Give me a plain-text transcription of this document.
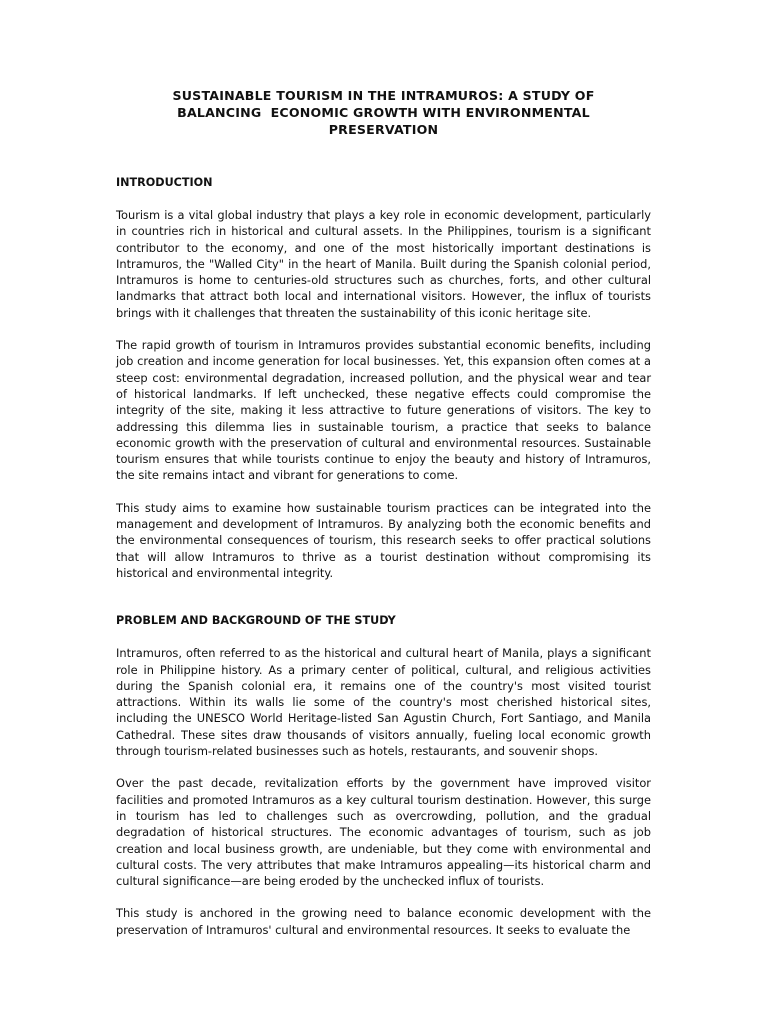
SUSTAINABLE TOURISM IN THE INTRAMUROS: A STUDY OF
BALANCING  ECONOMIC GROWTH WITH ENVIRONMENTAL
PRESERVATION
INTRODUCTION

Tourism is a vital global industry that plays a key role in economic development, particularly in countries rich in historical and cultural assets. In the Philippines, tourism is a significant contributor to the economy, and one of the most historically important destinations is Intramuros, the "Walled City" in the heart of Manila. Built during the Spanish colonial period, Intramuros is home to centuries-old structures such as churches, forts, and other cultural landmarks that attract both local and international visitors. However, the influx of tourists brings with it challenges that threaten the sustainability of this iconic heritage site.

The rapid growth of tourism in Intramuros provides substantial economic benefits, including job creation and income generation for local businesses. Yet, this expansion often comes at a steep cost: environmental degradation, increased pollution, and the physical wear and tear of historical landmarks. If left unchecked, these negative effects could compromise the integrity of the site, making it less attractive to future generations of visitors. The key to addressing this dilemma lies in sustainable tourism, a practice that seeks to balance economic growth with the preservation of cultural and environmental resources. Sustainable tourism ensures that while tourists continue to enjoy the beauty and history of Intramuros, the site remains intact and vibrant for generations to come.

This study aims to examine how sustainable tourism practices can be integrated into the management and development of Intramuros. By analyzing both the economic benefits and the environmental consequences of tourism, this research seeks to offer practical solutions that will allow Intramuros to thrive as a tourist destination without compromising its historical and environmental integrity.

PROBLEM AND BACKGROUND OF THE STUDY

Intramuros, often referred to as the historical and cultural heart of Manila, plays a significant role in Philippine history. As a primary center of political, cultural, and religious activities during the Spanish colonial era, it remains one of the country's most visited tourist attractions. Within its walls lie some of the country's most cherished historical sites, including the UNESCO World Heritage-listed San Agustin Church, Fort Santiago, and Manila Cathedral. These sites draw thousands of visitors annually, fueling local economic growth through tourism-related businesses such as hotels, restaurants, and souvenir shops.

Over the past decade, revitalization efforts by the government have improved visitor facilities and promoted Intramuros as a key cultural tourism destination. However, this surge in tourism has led to challenges such as overcrowding, pollution, and the gradual degradation of historical structures. The economic advantages of tourism, such as job creation and local business growth, are undeniable, but they come with environmental and cultural costs. The very attributes that make Intramuros appealing—its historical charm and cultural significance—are being eroded by the unchecked influx of tourists.

This study is anchored in the growing need to balance economic development with the preservation of Intramuros' cultural and environmental resources. It seeks to evaluate the
